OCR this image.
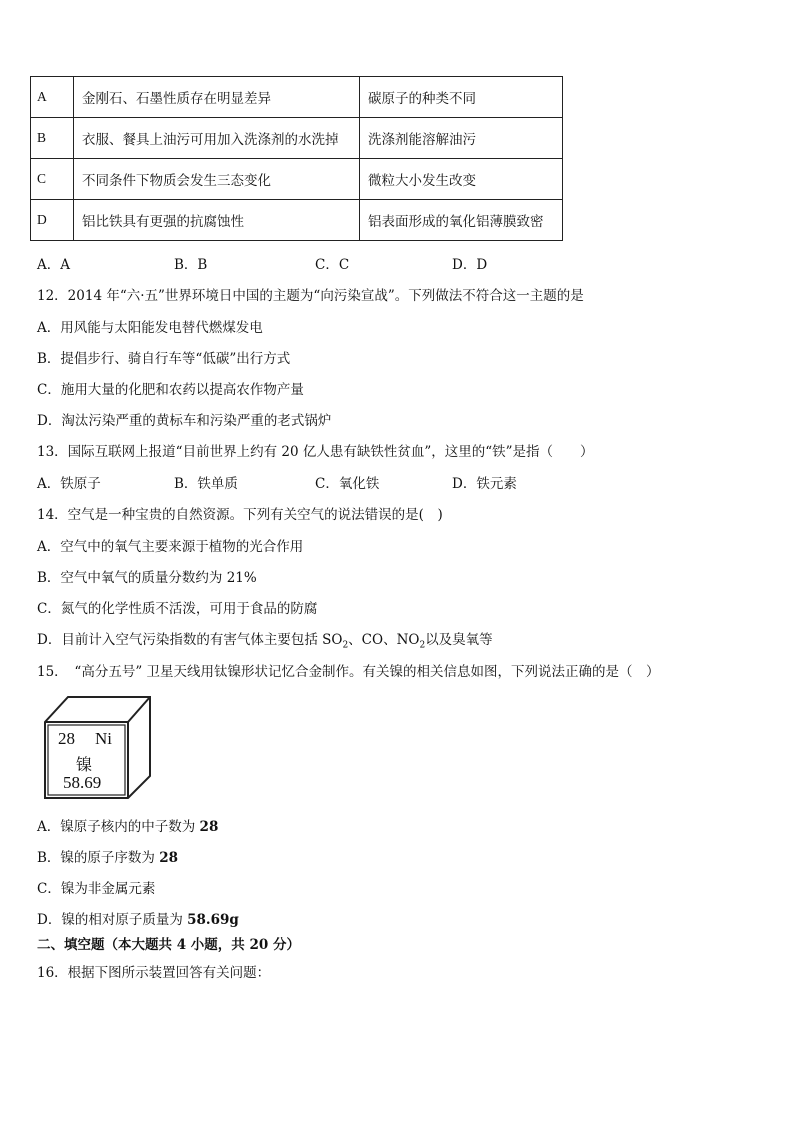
A	金刚石、石墨性质存在明显差异	碳原子的种类不同
B	衣服、餐具上油污可用加入洗涤剂的水洗掉	洗涤剂能溶解油污
C	不同条件下物质会发生三态变化	微粒大小发生改变
D	铝比铁具有更强的抗腐蚀性	铝表面形成的氧化铝薄膜致密
A．A	B．B	C．C	D．D
12．2014 年“六·五”世界环境日中国的主题为“向污染宣战”。下列做法不符合这一主题的是
A．用风能与太阳能发电替代燃煤发电
B．提倡步行、骑自行车等“低碳”出行方式
C．施用大量的化肥和农药以提高农作物产量
D．淘汰污染严重的黄标车和污染严重的老式锅炉
13．国际互联网上报道“目前世界上约有 20 亿人患有缺铁性贫血”，这里的“铁”是指（　　）
A．铁原子	B．铁单质	C．氧化铁	D．铁元素
14．空气是一种宝贵的自然资源。下列有关空气的说法错误的是(　)
A．空气中的氧气主要来源于植物的光合作用
B．空气中氧气的质量分数约为 21%
C．氮气的化学性质不活泼，可用于食品的防腐
D．目前计入空气污染指数的有害气体主要包括 $SO_2$、CO、$NO_2$以及臭氧等
15．　“高分五号” 卫星天线用钛镍形状记忆合金制作。有关镍的相关信息如图，下列说法正确的是（　）
28 Ni
镍
58.69
A．镍原子核内的中子数为 28
B．镍的原子序数为 28
C．镍为非金属元素
D．镍的相对原子质量为 58.69g
二、填空题（本大题共 4 小题，共 20 分）
16．根据下图所示装置回答有关问题：
